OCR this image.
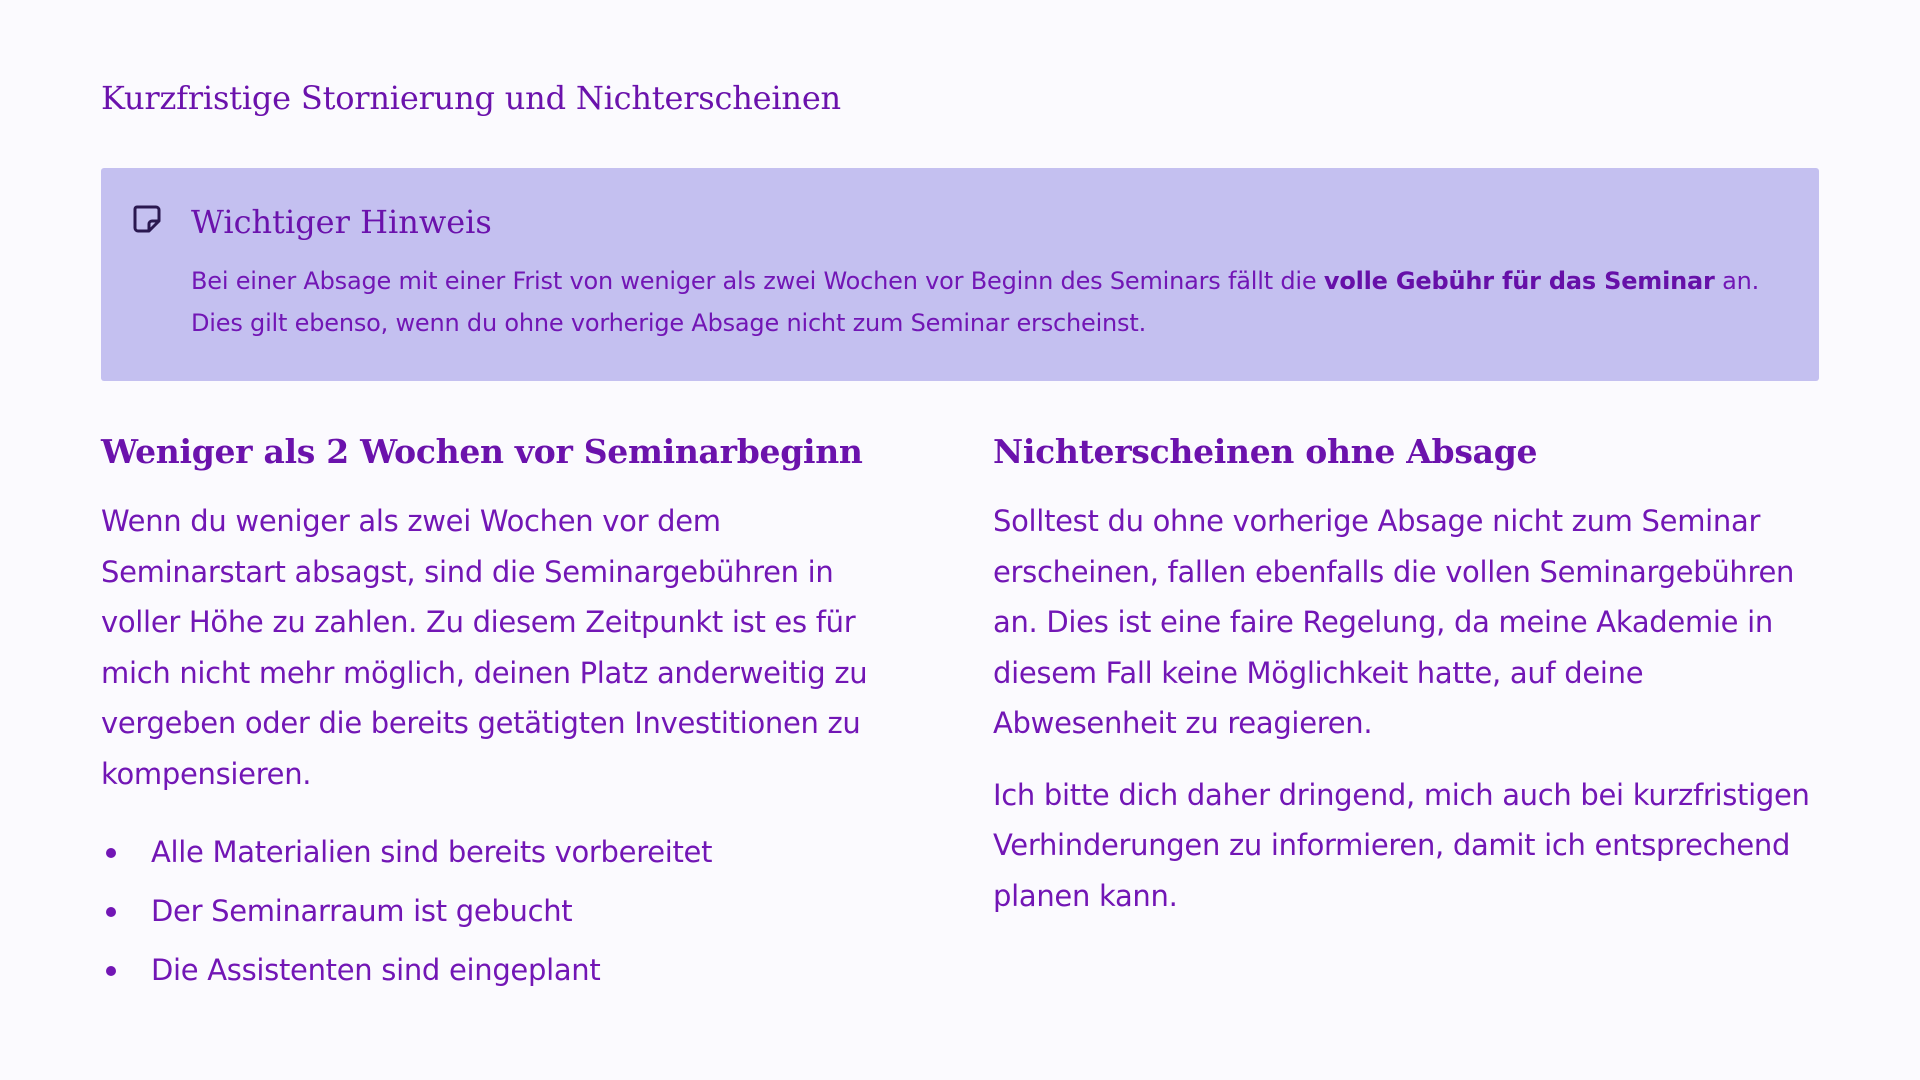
Kurzfristige Stornierung und Nichterscheinen
Wichtiger Hinweis

Bei einer Absage mit einer Frist von weniger als zwei Wochen vor Beginn des Seminars fällt die volle Gebühr für das Seminar an. Dies gilt ebenso, wenn du ohne vorherige Absage nicht zum Seminar erscheinst.

Weniger als 2 Wochen vor Seminarbeginn

Wenn du weniger als zwei Wochen vor dem Seminarstart absagst, sind die Seminargebühren in voller Höhe zu zahlen. Zu diesem Zeitpunkt ist es für mich nicht mehr möglich, deinen Platz anderweitig zu vergeben oder die bereits getätigten Investitionen zu kompensieren.

Alle Materialien sind bereits vorbereitet
Der Seminarraum ist gebucht
Die Assistenten sind eingeplant
Nichterscheinen ohne Absage

Solltest du ohne vorherige Absage nicht zum Seminar erscheinen, fallen ebenfalls die vollen Seminargebühren an. Dies ist eine faire Regelung, da meine Akademie in diesem Fall keine Möglichkeit hatte, auf deine Abwesenheit zu reagieren.

Ich bitte dich daher dringend, mich auch bei kurzfristigen Verhinderungen zu informieren, damit ich entsprechend planen kann.
